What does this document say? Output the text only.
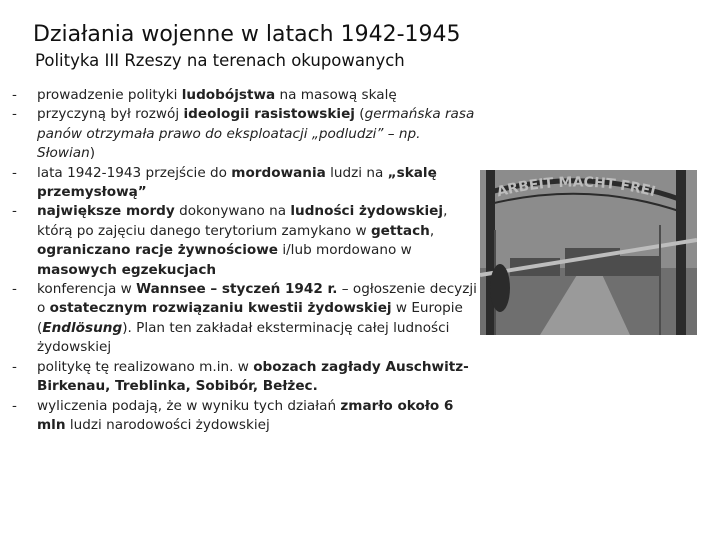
Działania wojenne w latach 1942-1945
Polityka III Rzeszy na terenach okupowanych
- prowadzenie polityki ludobójstwa na masową skalę
- przyczyną był rozwój ideologii rasistowskiej (germańska rasa panów otrzymała prawo do eksploatacji „podludzi” – np. Słowian)
- lata 1942-1943 przejście do mordowania ludzi na „skalę przemysłową”
- największe mordy dokonywano na ludności żydowskiej, którą po zajęciu danego terytorium zamykano w gettach, ograniczano racje żywnościowe i/lub mordowano w masowych egzekucjach
- konferencja w Wannsee – styczeń 1942 r. – ogłoszenie decyzji o ostatecznym rozwiązaniu kwestii żydowskiej w Europie (Endlösung). Plan ten zakładał eksterminację całej ludności żydowskiej
- politykę tę realizowano m.in. w obozach zagłady Auschwitz-Birkenau, Treblinka, Sobibór, Bełżec.
- wyliczenia podają, że w wyniku tych działań zmarło około 6 mln ludzi narodowości żydowskiej
ARBEIT MACHT FREI
